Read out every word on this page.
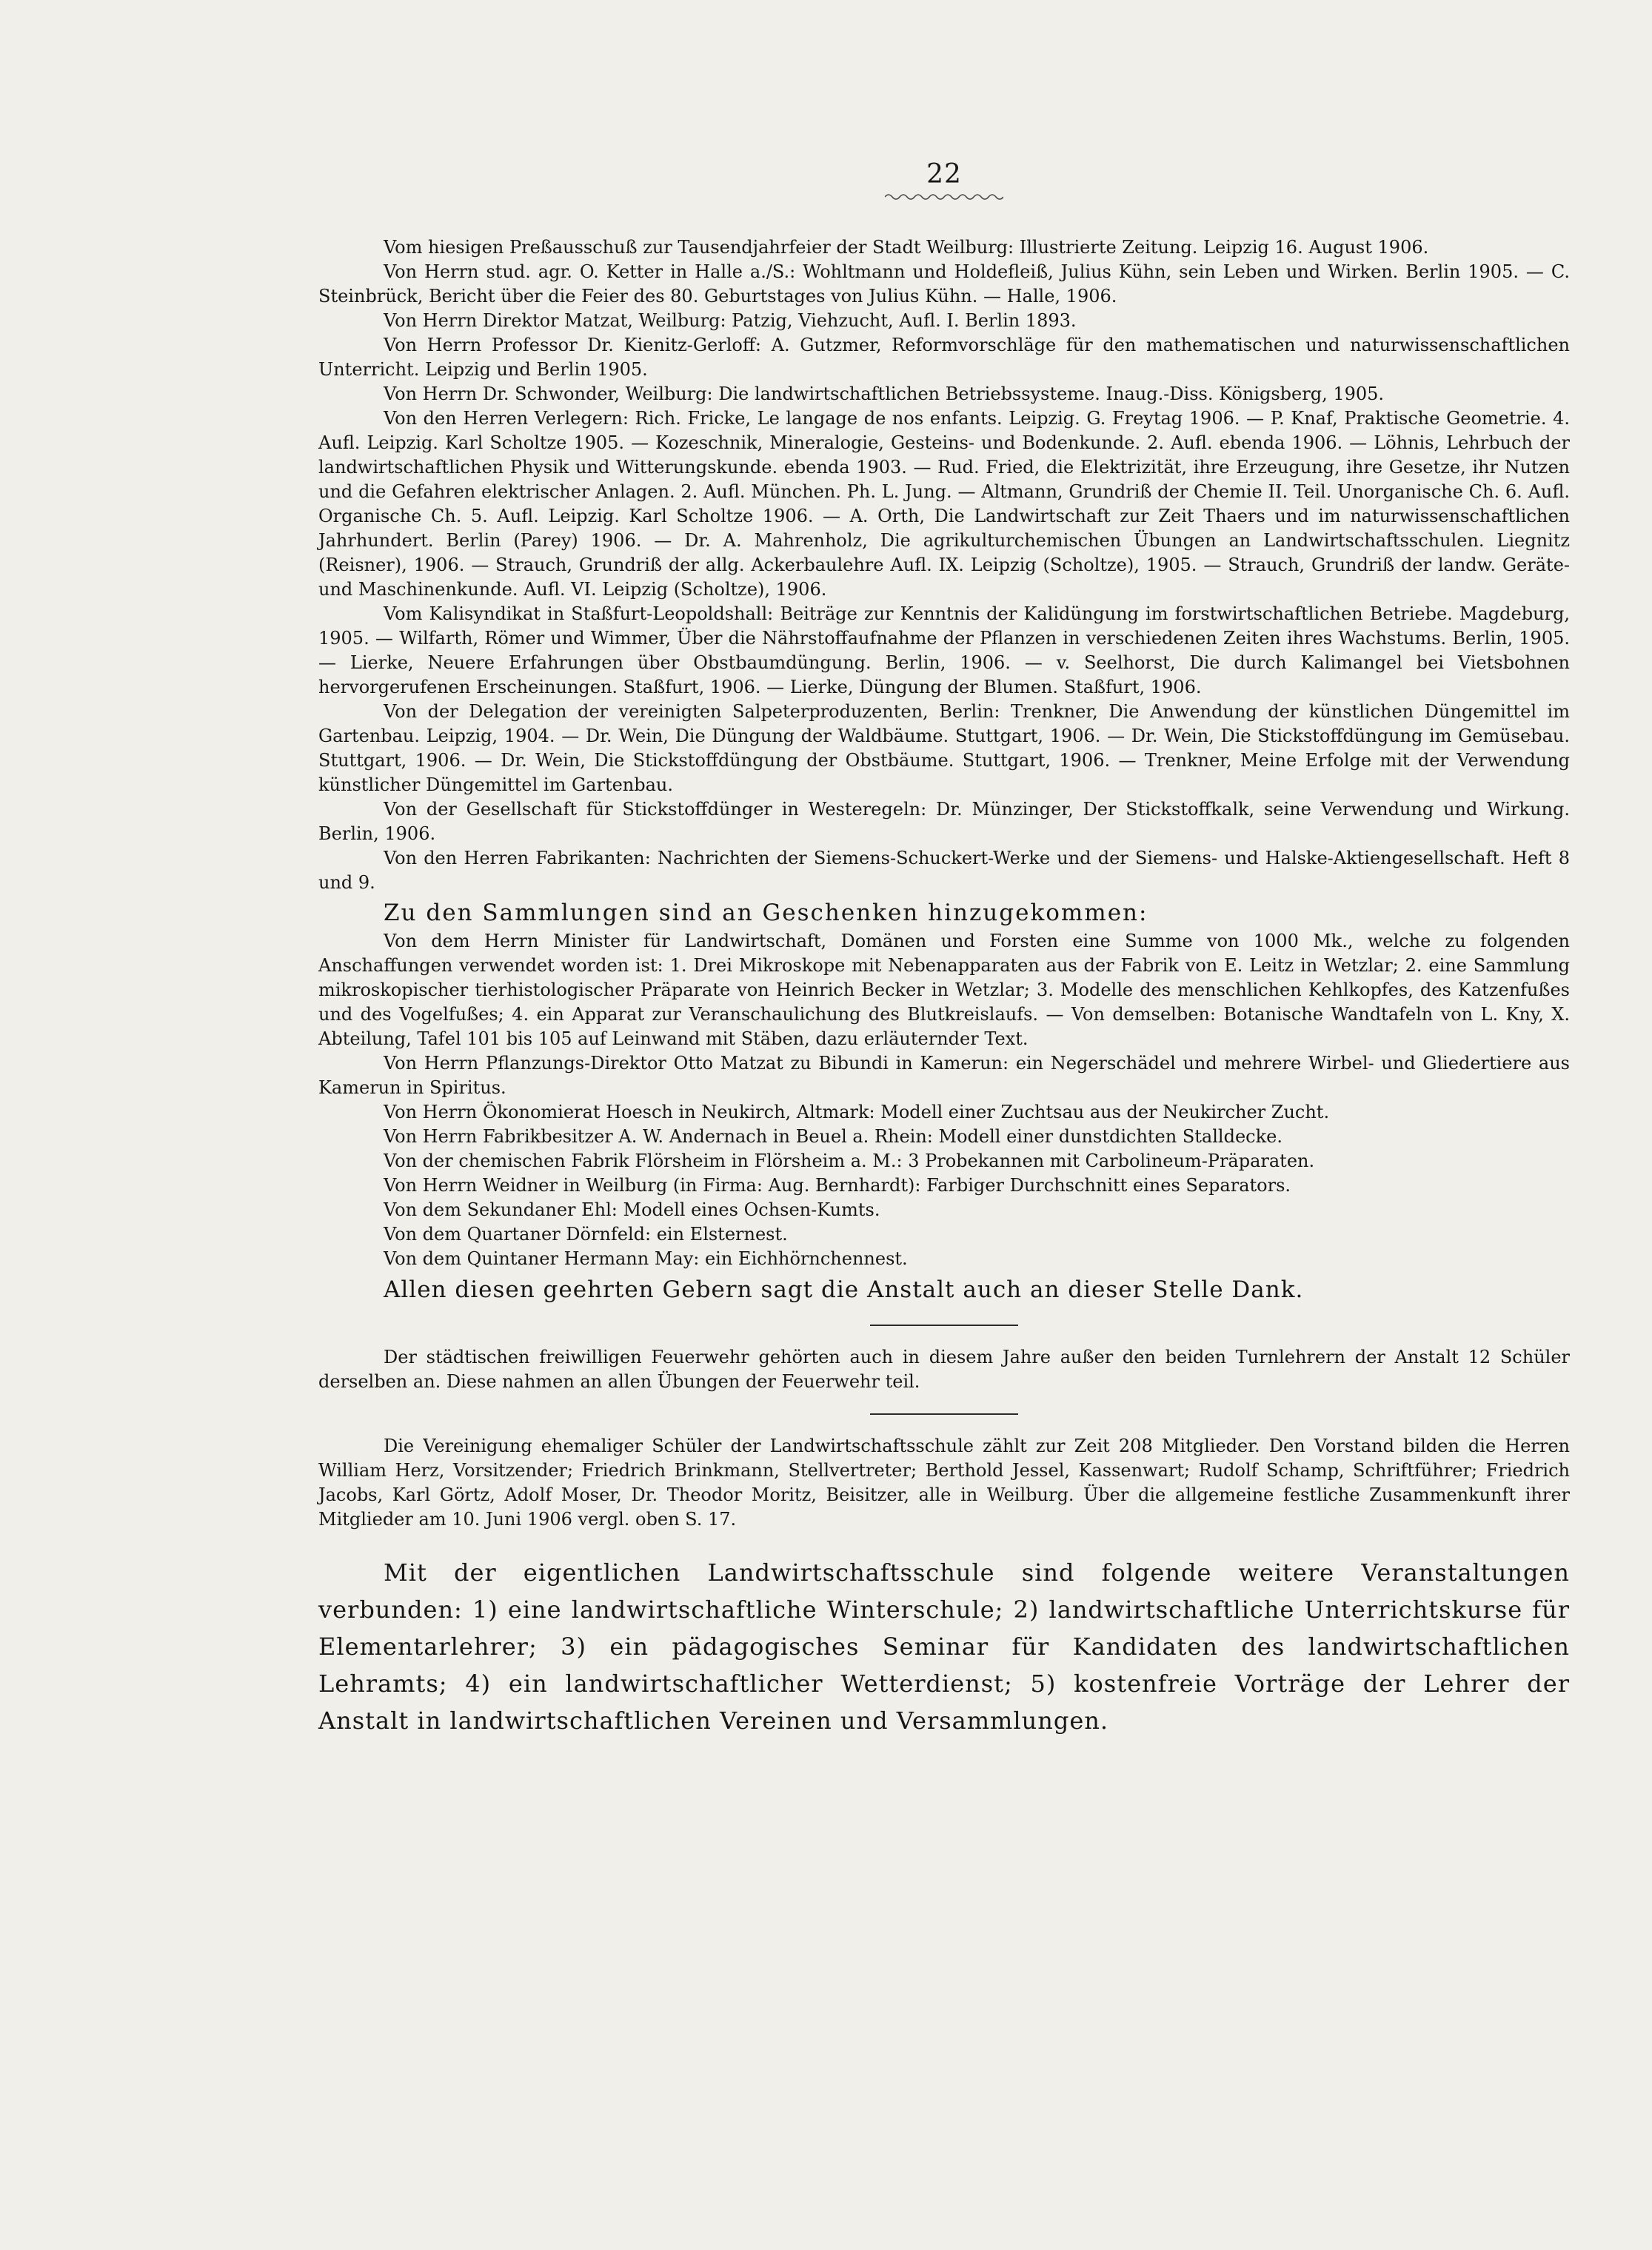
22

Vom hiesigen Preßausschuß zur Tausendjahrfeier der Stadt Weilburg: Illustrierte Zeitung. Leipzig 16. August 1906.

Von Herrn stud. agr. O. Ketter in Halle a./S.: Wohltmann und Holdefleiß, Julius Kühn, sein Leben und Wirken. Berlin 1905. — C. Steinbrück, Bericht über die Feier des 80. Geburtstages von Julius Kühn. — Halle, 1906.

Von Herrn Direktor Matzat, Weilburg: Patzig, Viehzucht, Aufl. I. Berlin 1893.

Von Herrn Professor Dr. Kienitz-Gerloff: A. Gutzmer, Reformvorschläge für den mathematischen und naturwissenschaftlichen Unterricht. Leipzig und Berlin 1905.

Von Herrn Dr. Schwonder, Weilburg: Die landwirtschaftlichen Betriebssysteme. Inaug.-Diss. Königsberg, 1905.

Von den Herren Verlegern: Rich. Fricke, Le langage de nos enfants. Leipzig. G. Freytag 1906. — P. Knaf, Praktische Geometrie. 4. Aufl. Leipzig. Karl Scholtze 1905. — Kozeschnik, Mineralogie, Gesteins- und Bodenkunde. 2. Aufl. ebenda 1906. — Löhnis, Lehrbuch der landwirtschaftlichen Physik und Witterungskunde. ebenda 1903. — Rud. Fried, die Elektrizität, ihre Erzeugung, ihre Gesetze, ihr Nutzen und die Gefahren elektrischer Anlagen. 2. Aufl. München. Ph. L. Jung. — Altmann, Grundriß der Chemie II. Teil. Unorganische Ch. 6. Aufl. Organische Ch. 5. Aufl. Leipzig. Karl Scholtze 1906. — A. Orth, Die Landwirtschaft zur Zeit Thaers und im naturwissenschaftlichen Jahrhundert. Berlin (Parey) 1906. — Dr. A. Mahrenholz, Die agrikulturchemischen Übungen an Landwirtschaftsschulen. Liegnitz (Reisner), 1906. — Strauch, Grundriß der allg. Ackerbaulehre Aufl. IX. Leipzig (Scholtze), 1905. — Strauch, Grundriß der landw. Geräte- und Maschinenkunde. Aufl. VI. Leipzig (Scholtze), 1906.

Vom Kalisyndikat in Staßfurt-Leopoldshall: Beiträge zur Kenntnis der Kalidüngung im forstwirtschaftlichen Betriebe. Magdeburg, 1905. — Wilfarth, Römer und Wimmer, Über die Nährstoffaufnahme der Pflanzen in verschiedenen Zeiten ihres Wachstums. Berlin, 1905. — Lierke, Neuere Erfahrungen über Obstbaumdüngung. Berlin, 1906. — v. Seelhorst, Die durch Kalimangel bei Vietsbohnen hervorgerufenen Erscheinungen. Staßfurt, 1906. — Lierke, Düngung der Blumen. Staßfurt, 1906.

Von der Delegation der vereinigten Salpeterproduzenten, Berlin: Trenkner, Die Anwendung der künstlichen Düngemittel im Gartenbau. Leipzig, 1904. — Dr. Wein, Die Düngung der Waldbäume. Stuttgart, 1906. — Dr. Wein, Die Stickstoffdüngung im Gemüsebau. Stuttgart, 1906. — Dr. Wein, Die Stickstoffdüngung der Obstbäume. Stuttgart, 1906. — Trenkner, Meine Erfolge mit der Verwendung künstlicher Düngemittel im Gartenbau.

Von der Gesellschaft für Stickstoffdünger in Westeregeln: Dr. Münzinger, Der Stickstoffkalk, seine Verwendung und Wirkung. Berlin, 1906.

Von den Herren Fabrikanten: Nachrichten der Siemens-Schuckert-Werke und der Siemens- und Halske-Aktiengesellschaft. Heft 8 und 9.

Zu den Sammlungen sind an Geschenken hinzugekommen:

Von dem Herrn Minister für Landwirtschaft, Domänen und Forsten eine Summe von 1000 Mk., welche zu folgenden Anschaffungen verwendet worden ist: 1. Drei Mikroskope mit Nebenapparaten aus der Fabrik von E. Leitz in Wetzlar; 2. eine Sammlung mikroskopischer tierhistologischer Präparate von Heinrich Becker in Wetzlar; 3. Modelle des menschlichen Kehlkopfes, des Katzenfußes und des Vogelfußes; 4. ein Apparat zur Veranschaulichung des Blutkreislaufs. — Von demselben: Botanische Wandtafeln von L. Kny, X. Abteilung, Tafel 101 bis 105 auf Leinwand mit Stäben, dazu erläuternder Text.

Von Herrn Pflanzungs-Direktor Otto Matzat zu Bibundi in Kamerun: ein Negerschädel und mehrere Wirbel- und Gliedertiere aus Kamerun in Spiritus.

Von Herrn Ökonomierat Hoesch in Neukirch, Altmark: Modell einer Zuchtsau aus der Neukircher Zucht.

Von Herrn Fabrikbesitzer A. W. Andernach in Beuel a. Rhein: Modell einer dunstdichten Stalldecke.

Von der chemischen Fabrik Flörsheim in Flörsheim a. M.: 3 Probekannen mit Carbolineum-Präparaten.

Von Herrn Weidner in Weilburg (in Firma: Aug. Bernhardt): Farbiger Durchschnitt eines Separators.

Von dem Sekundaner Ehl: Modell eines Ochsen-Kumts.

Von dem Quartaner Dörnfeld: ein Elsternest.

Von dem Quintaner Hermann May: ein Eichhörnchennest.

Allen diesen geehrten Gebern sagt die Anstalt auch an dieser Stelle Dank.

Der städtischen freiwilligen Feuerwehr gehörten auch in diesem Jahre außer den beiden Turnlehrern der Anstalt 12 Schüler derselben an. Diese nahmen an allen Übungen der Feuerwehr teil.

Die Vereinigung ehemaliger Schüler der Landwirtschaftsschule zählt zur Zeit 208 Mitglieder. Den Vorstand bilden die Herren William Herz, Vorsitzender; Friedrich Brinkmann, Stellvertreter; Berthold Jessel, Kassenwart; Rudolf Schamp, Schriftführer; Friedrich Jacobs, Karl Görtz, Adolf Moser, Dr. Theodor Moritz, Beisitzer, alle in Weilburg. Über die allgemeine festliche Zusammenkunft ihrer Mitglieder am 10. Juni 1906 vergl. oben S. 17.

Mit der eigentlichen Landwirtschaftsschule sind folgende weitere Veranstaltungen verbunden: 1) eine landwirtschaftliche Winterschule; 2) landwirtschaftliche Unterrichtskurse für Elementarlehrer; 3) ein pädagogisches Seminar für Kandidaten des landwirtschaftlichen Lehramts; 4) ein landwirtschaftlicher Wetterdienst; 5) kostenfreie Vorträge der Lehrer der Anstalt in landwirtschaftlichen Vereinen und Versammlungen.
